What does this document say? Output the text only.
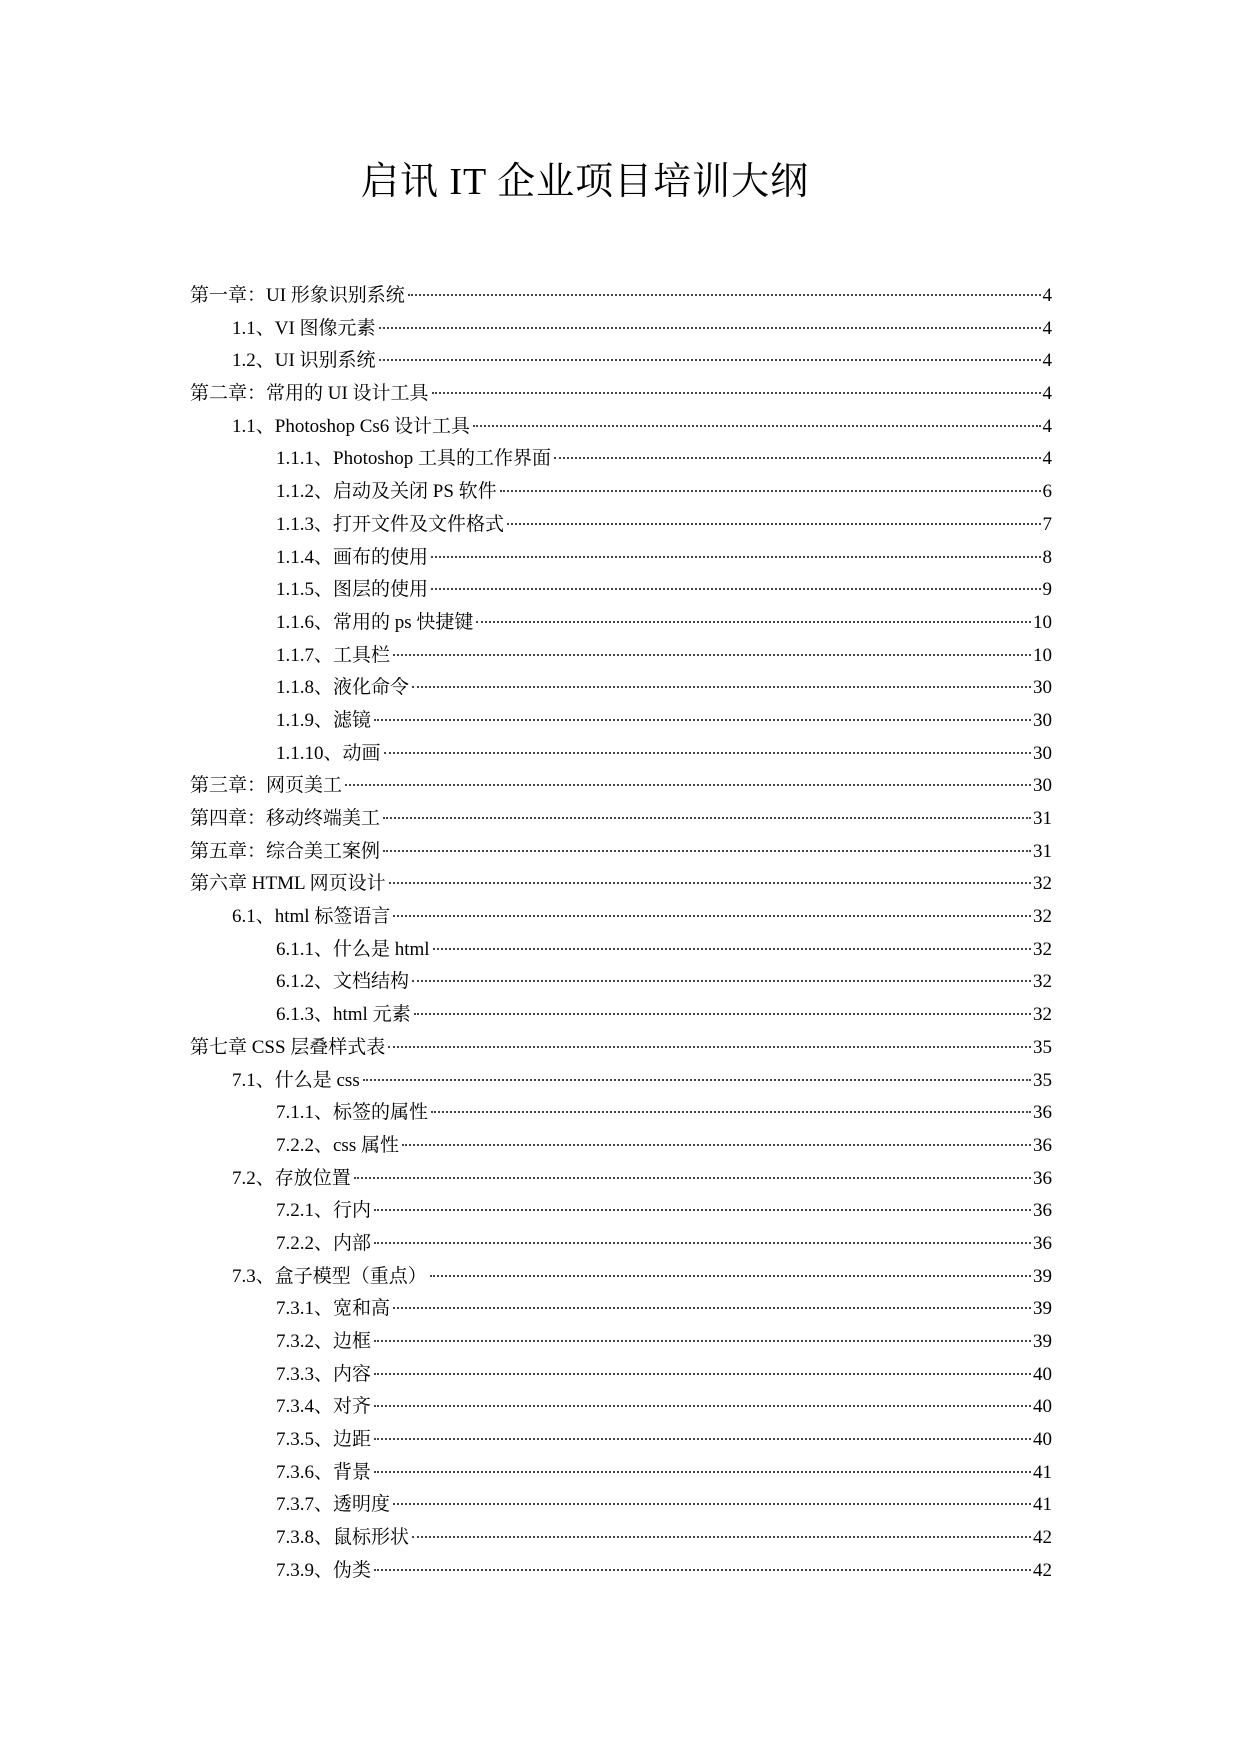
启讯 IT 企业项目培训大纲
第一章：UI 形象识别系统	4
1.1、VI 图像元素	4
1.2、UI 识别系统	4
第二章：常用的 UI 设计工具	4
1.1、Photoshop Cs6 设计工具	4
1.1.1、Photoshop 工具的工作界面	4
1.1.2、启动及关闭 PS 软件	6
1.1.3、打开文件及文件格式	7
1.1.4、画布的使用	8
1.1.5、图层的使用	9
1.1.6、常用的 ps 快捷键	10
1.1.7、工具栏	10
1.1.8、液化命令	30
1.1.9、滤镜	30
1.1.10、动画	30
第三章：网页美工	30
第四章：移动终端美工	31
第五章：综合美工案例	31
第六章 HTML 网页设计	32
6.1、html 标签语言	32
6.1.1、什么是 html	32
6.1.2、文档结构	32
6.1.3、html 元素	32
第七章 CSS 层叠样式表	35
7.1、什么是 css	35
7.1.1、标签的属性	36
7.2.2、css 属性	36
7.2、存放位置	36
7.2.1、行内	36
7.2.2、内部	36
7.3、盒子模型（重点）	39
7.3.1、宽和高	39
7.3.2、边框	39
7.3.3、内容	40
7.3.4、对齐	40
7.3.5、边距	40
7.3.6、背景	41
7.3.7、透明度	41
7.3.8、鼠标形状	42
7.3.9、伪类	42
